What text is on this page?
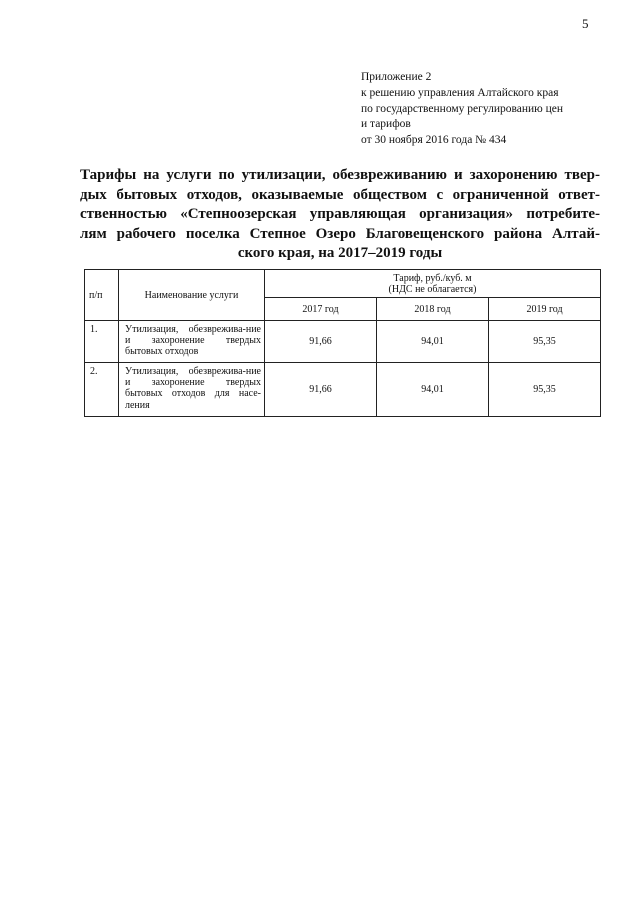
5
Приложение 2
к решению управления Алтайского края
по государственному регулированию цен
и тарифов
от 30 ноября 2016 года № 434
Тарифы на услуги по утилизации, обезвреживанию и захоронению твер-
дых бытовых отходов, оказываемые обществом с ограниченной ответ-
ственностью «Степноозерская управляющая организация» потребите-
лям рабочего поселка Степное Озеро Благовещенского района Алтай-
ского края, на 2017–2019 годы
п/п	Наименование услуги	Тариф, руб./куб. м
(НДС не облагается)		

		2017 год	2018 год	2019 год
1.	Утилизация, обезврежива-ние и захоронение твердых бытовых отходов	91,66	94,01	95,35
2.	Утилизация, обезврежива-ние и захоронение твердых бытовых отходов для насе-ления	91,66	94,01	95,35
